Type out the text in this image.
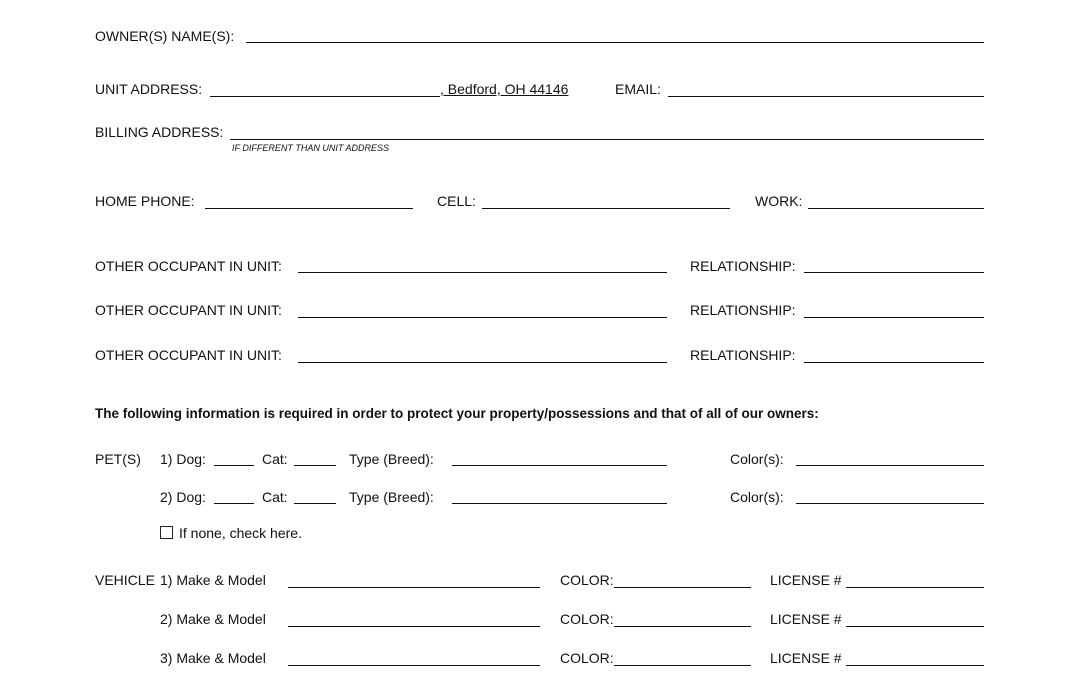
OWNER(S) NAME(S):
UNIT ADDRESS:	, Bedford, OH 44146	EMAIL:
BILLING ADDRESS:
IF DIFFERENT THAN UNIT ADDRESS
HOME PHONE:	CELL:	WORK:
OTHER OCCUPANT IN UNIT:	RELATIONSHIP:
OTHER OCCUPANT IN UNIT:	RELATIONSHIP:
OTHER OCCUPANT IN UNIT:	RELATIONSHIP:
The following information is required in order to protect your property/possessions and that of all of our owners:
PET(S) 1) Dog:	Cat:	Type (Breed):	Color(s):
2) Dog:	Cat:	Type (Breed):	Color(s):
If none, check here.
VEHICLE 1) Make & Model	COLOR:	LICENSE #
2) Make & Model	COLOR:	LICENSE #
3) Make & Model	COLOR:	LICENSE #
